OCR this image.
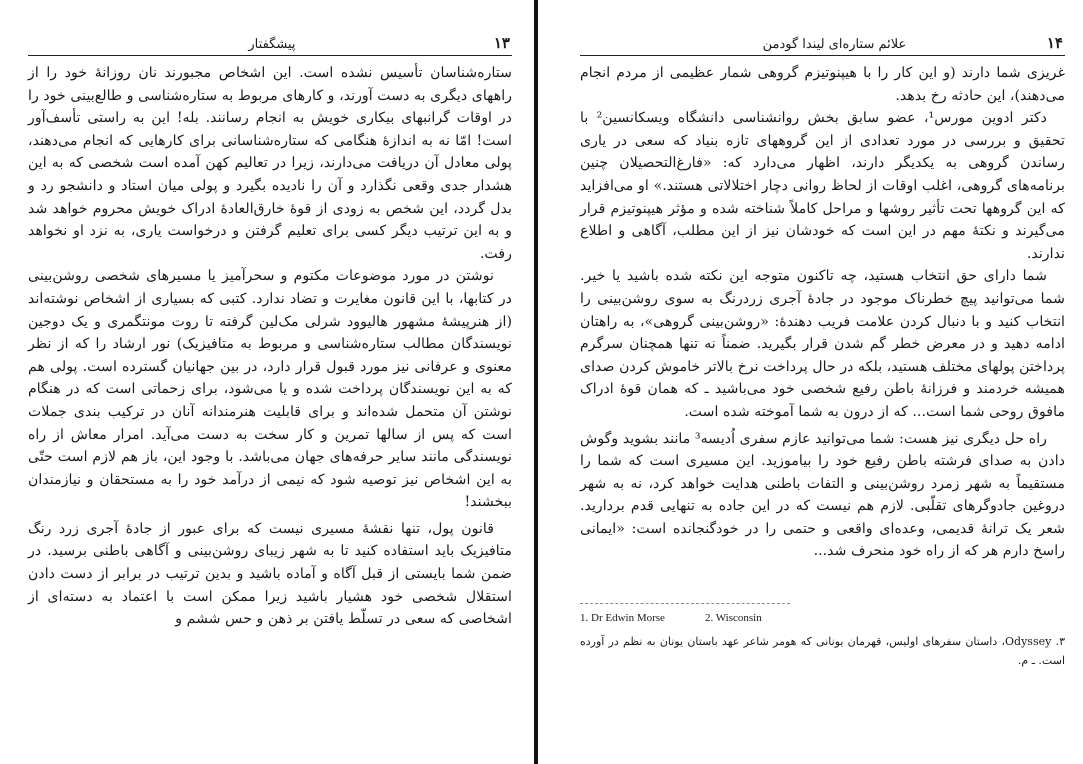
۱۳
پیشگفتار

ستاره‌شناسان تأسیس نشده است. این اشخاص مجبورند نان روزانهٔ خود را از راههای دیگری به دست آورند، و کارهای مربوط به ستاره‌شناسی و طالع‌بینی خود را در اوقات گرانبهای بیکاری خویش به انجام رسانند. بله! این به راستی تأسف‌آور است! امّا نه به اندازهٔ هنگامی که ستاره‌شناسانی برای کارهایی که انجام می‌دهند، پولی معادل آن دریافت می‌دارند، زیرا در تعالیم کهن آمده است شخصی که به این هشدار جدی وقعی نگذارد و آن را نادیده بگیرد و پولی میان استاد و دانشجو رد و بدل گردد، این شخص به زودی از قوهٔ خارق‌العادهٔ ادراک خویش محروم خواهد شد و به این ترتیب دیگر کسی برای تعلیم گرفتن و درخواست یاری، به نزد او نخواهد رفت.

نوشتن در مورد موضوعات مکتوم و سحرآمیز یا مسیرهای شخصی روشن‌بینی در کتابها، با این قانون مغایرت و تضاد ندارد. کتبی که بسیاری از اشخاص نوشته‌اند (از هنرپیشهٔ مشهور هالیوود شرلی مک‌لین گرفته تا روت مونتگمری و یک دوجین نویسندگان مطالب ستاره‌شناسی و مربوط به متافیزیک) نور ارشاد را که از نظر معنوی و عرفانی نیز مورد قبول قرار دارد، در بین جهانیان گسترده است. پولی هم که به این نویسندگان پرداخت شده و یا می‌شود، برای زحماتی است که در هنگام نوشتن آن متحمل شده‌اند و برای قابلیت هنرمندانه آنان در ترکیب بندی جملات است که پس از سالها تمرین و کار سخت به دست می‌آید. امرار معاش از راه نویسندگی مانند سایر حرفه‌های جهان می‌باشد. با وجود این، باز هم لازم است حتّی به این اشخاص نیز توصیه شود که نیمی از درآمد خود را به مستحقان و نیازمندان ببخشند!

قانون پول، تنها نقشهٔ مسیری نیست که برای عبور از جادهٔ آجری زرد رنگ متافیزیک باید استفاده کنید تا به شهر زیبای روشن‌بینی و آگاهی باطنی برسید. در ضمن شما بایستی از قبل آگاه و آماده باشید و بدین ترتیب در برابر از دست دادن استقلال شخصی خود هشیار باشید زیرا ممکن است با اعتماد به دسته‌ای از اشخاصی که سعی در تسلّط یافتن بر ذهن و حس ششم و

۱۴
علائم ستاره‌ای لیندا گودمن

غریزی شما دارند (و این کار را با هیپنوتیزم گروهی شمار عظیمی از مردم انجام می‌دهند)، این حادثه رخ بدهد.

دکتر ادوین مورس¹، عضو سابق بخش روانشناسی دانشگاه ویسکانسین² با تحقیق و بررسی در مورد تعدادی از این گروههای تازه بنیاد که سعی در یاری رساندن گروهی به یکدیگر دارند، اظهار می‌دارد که: «فارغ‌التحصیلان چنین برنامه‌های گروهی، اغلب اوقات از لحاظ روانی دچار اختلالاتی هستند.» او می‌افزاید که این گروهها تحت تأثیر روشها و مراحل کاملاً شناخته شده و مؤثر هیپنوتیزم قرار می‌گیرند و نکتهٔ مهم در این است که خودشان نیز از این مطلب، آگاهی و اطلاع ندارند.

شما دارای حق انتخاب هستید، چه تاکنون متوجه این نکته شده باشید یا خیر. شما می‌توانید پیچ خطرناک موجود در جادهٔ آجری زردرنگ به سوی روشن‌بینی را انتخاب کنید و با دنبال کردن علامت فریب دهندهٔ: «روشن‌بینی گروهی»، به راهتان ادامه دهید و در معرض خطر گم شدن قرار بگیرید. ضمناً نه تنها همچنان سرگرم پرداختن پولهای مختلف هستید، بلکه در حال پرداخت نرخ بالاتر خاموش کردن صدای همیشه خردمند و فرزانهٔ باطن رفیع شخصی خود می‌باشید ـ که همان قوهٔ ادراک مافوق روحی شما است... که از درون به شما آموخته شده است.

راه حل دیگری نیز هست: شما می‌توانید عازم سفری اُدیسه³ مانند بشوید وگوش دادن به صدای فرشته باطن رفیع خود را بیاموزید. این مسیری است که شما را مستقیماً به شهر زمرد روشن‌بینی و التفات باطنی هدایت خواهد کرد، نه به شهر دروغین جادوگرهای تقلّبی. لازم هم نیست که در این جاده به تنهایی قدم بردارید. شعر یک ترانهٔ قدیمی، وعده‌ای واقعی و حتمی را در خودگنجانده است: «ایمانی راسخ دارم هر که از راه خود منحرف شد...

1. Dr Edwin Morse	2. Wisconsin
۳. Odyssey، داستان سفرهای اولیس، قهرمان یونانی که هومر شاعر عهد باستان یونان به نظم در آورده است. ـ م.
